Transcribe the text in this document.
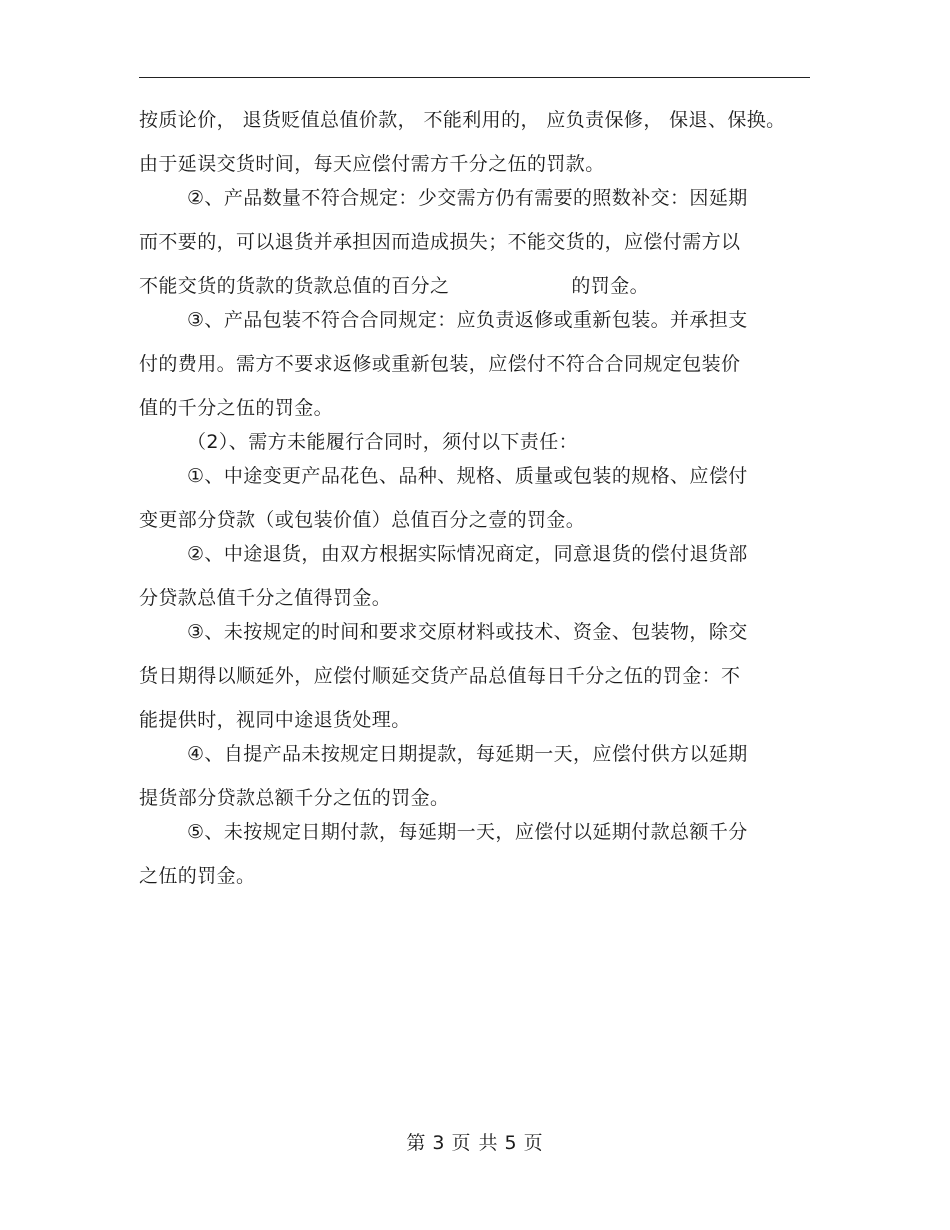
按质论价， 退货贬值总值价款， 不能利用的， 应负责保修， 保退、保换。
由于延误交货时间，每天应偿付需方千分之伍的罚款。
②、产品数量不符合规定：少交需方仍有需要的照数补交：因延期
而不要的，可以退货并承担因而造成损失；不能交货的，应偿付需方以
不能交货的货款的货款总值的百分之	的罚金。
③、产品包装不符合合同规定：应负责返修或重新包装。并承担支
付的费用。需方不要求返修或重新包装，应偿付不符合合同规定包装价
值的千分之伍的罚金。
（2）、需方未能履行合同时，须付以下责任：
①、中途变更产品花色、品种、规格、质量或包装的规格、应偿付
变更部分贷款（或包装价值）总值百分之壹的罚金。
②、中途退货，由双方根据实际情况商定，同意退货的偿付退货部
分贷款总值千分之值得罚金。
③、未按规定的时间和要求交原材料或技术、资金、包装物，除交
货日期得以顺延外，应偿付顺延交货产品总值每日千分之伍的罚金：不
能提供时，视同中途退货处理。
④、自提产品未按规定日期提款，每延期一天，应偿付供方以延期
提货部分贷款总额千分之伍的罚金。
⑤、未按规定日期付款，每延期一天，应偿付以延期付款总额千分
之伍的罚金。
第 3 页 共 5 页
